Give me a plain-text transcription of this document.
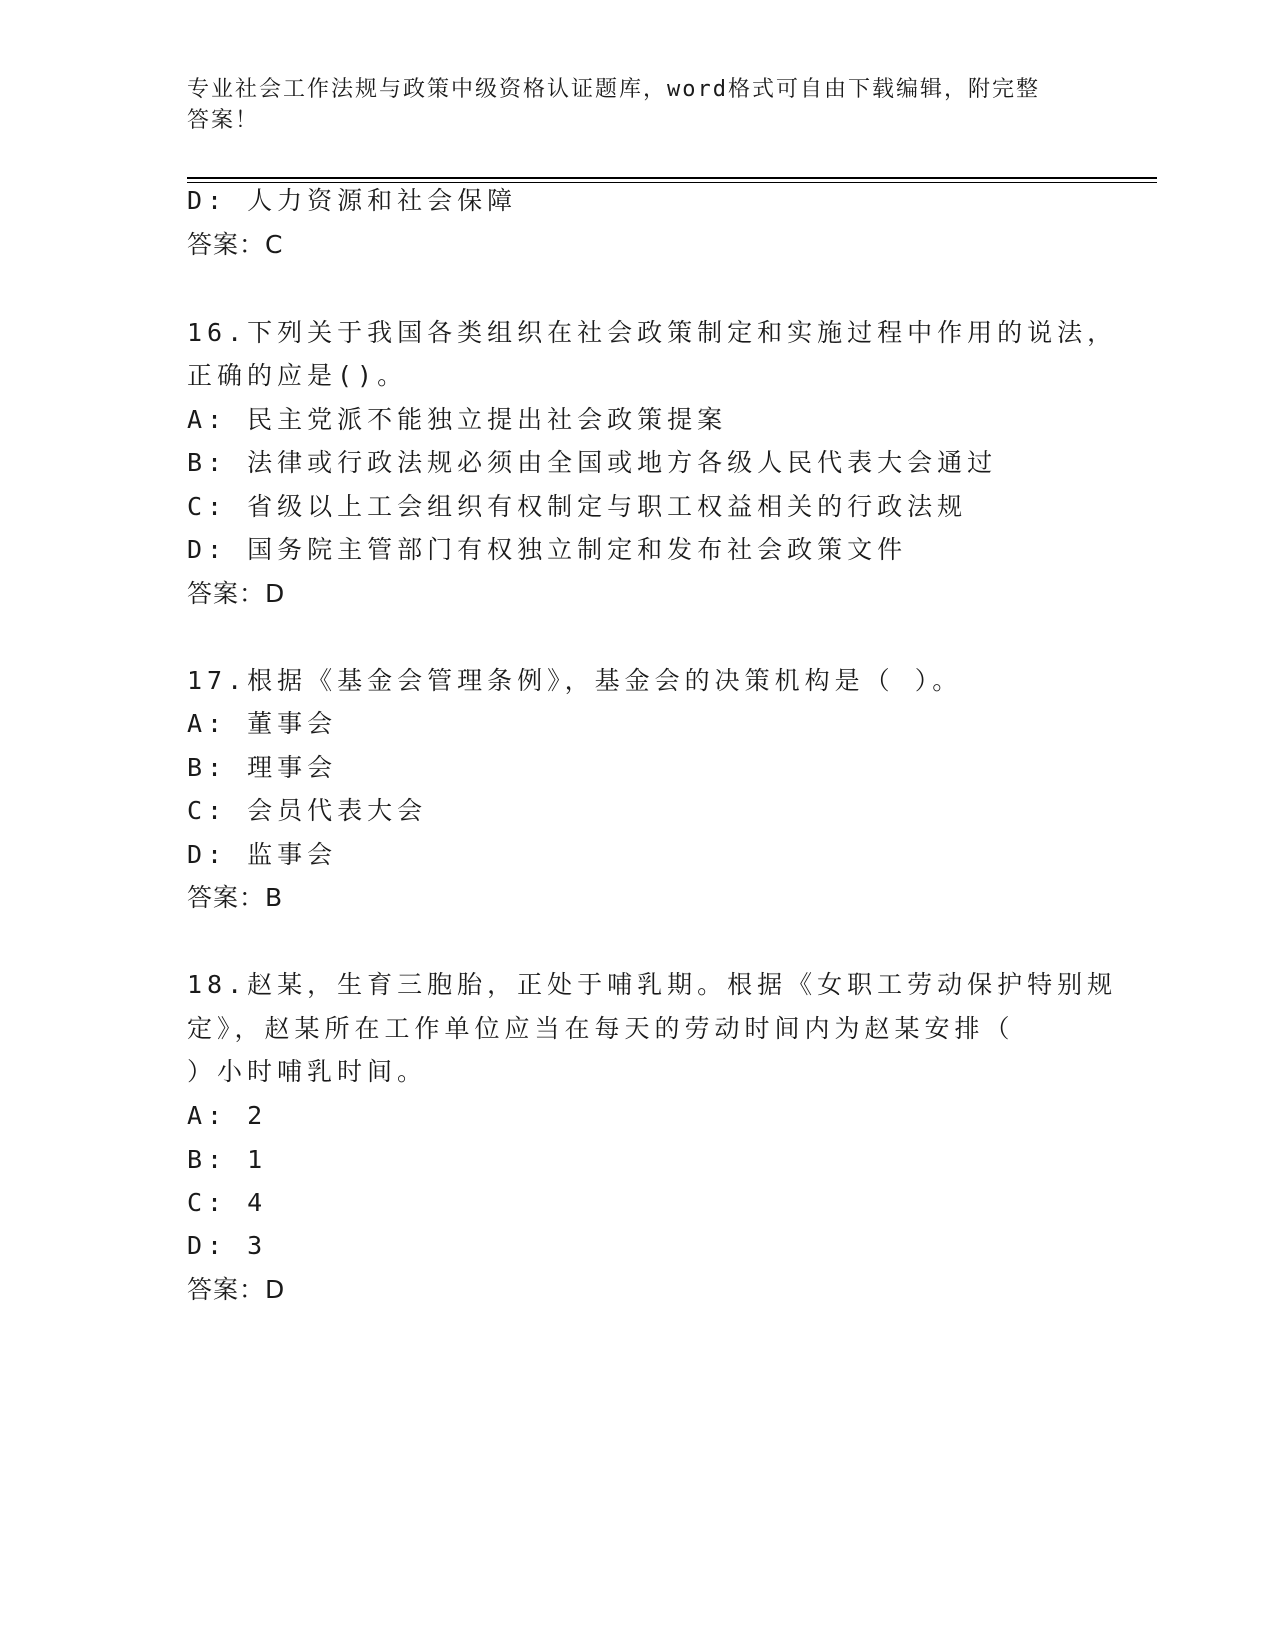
专业社会工作法规与政策中级资格认证题库，word格式可自由下载编辑，附完整
答案！
D: 人力资源和社会保障
答案：C
16.下列关于我国各类组织在社会政策制定和实施过程中作用的说法，
正确的应是()。
A: 民主党派不能独立提出社会政策提案
B: 法律或行政法规必须由全国或地方各级人民代表大会通过
C: 省级以上工会组织有权制定与职工权益相关的行政法规
D: 国务院主管部门有权独立制定和发布社会政策文件
答案：D
17.根据《基金会管理条例》，基金会的决策机构是（ ）。
A: 董事会
B: 理事会
C: 会员代表大会
D: 监事会
答案：B
18.赵某，生育三胞胎，正处于哺乳期。根据《女职工劳动保护特别规
定》，赵某所在工作单位应当在每天的劳动时间内为赵某安排（
）小时哺乳时间。
A: 2
B: 1
C: 4
D: 3
答案：D
